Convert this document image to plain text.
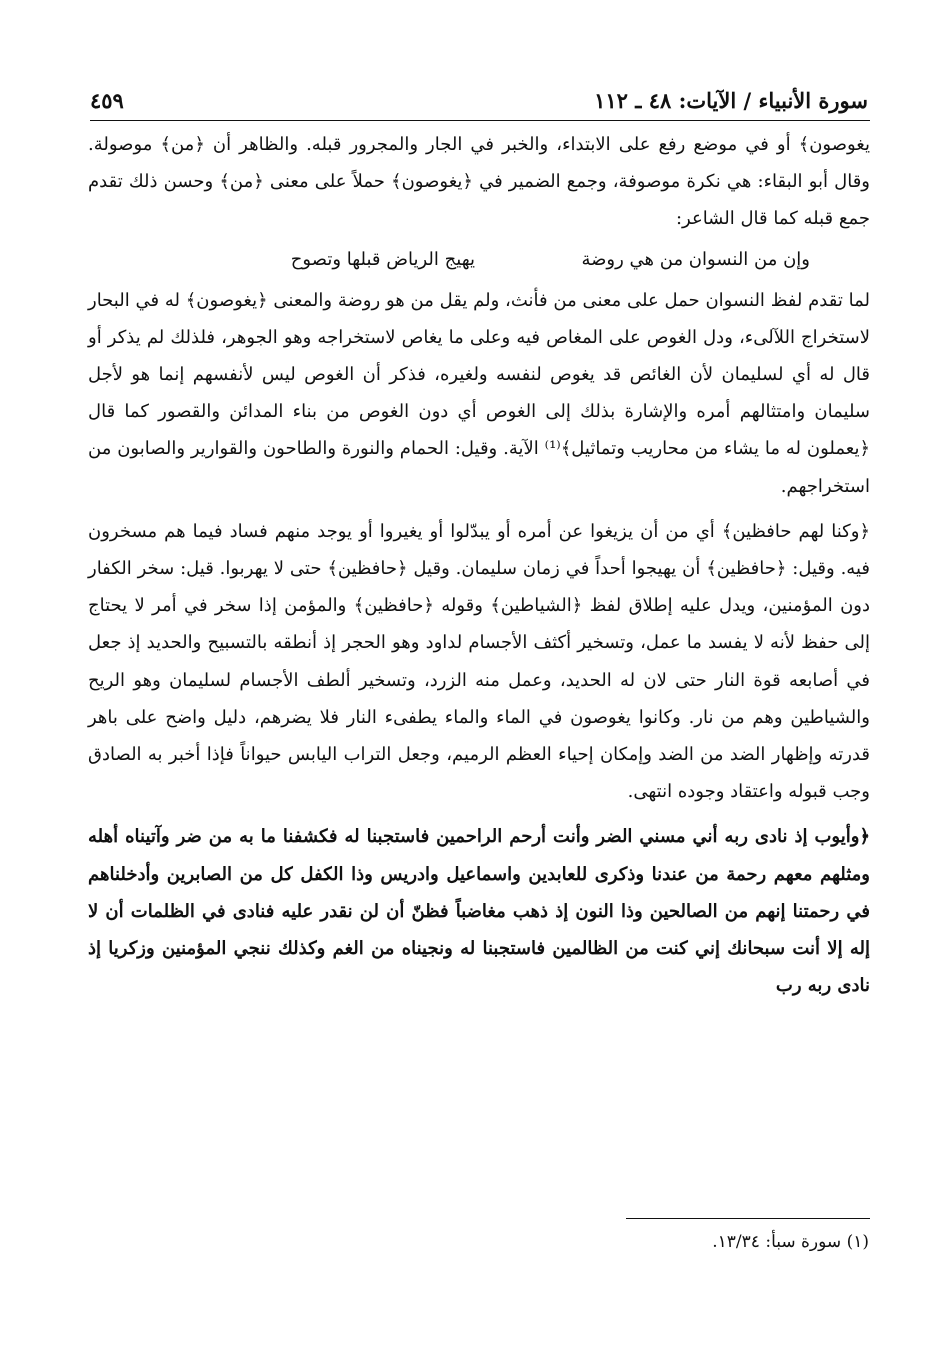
سورة الأنبياء / الآيات: ٤٨ ـ ١١٢
٤٥٩

يغوصون﴾ أو في موضع رفع على الابتداء، والخبر في الجار والمجرور قبله. والظاهر أن ﴿من﴾ موصولة. وقال أبو البقاء: هي نكرة موصوفة، وجمع الضمير في ﴿يغوصون﴾ حملاً على معنى ﴿من﴾ وحسن ذلك تقدم جمع قبله كما قال الشاعر:

وإن من النسوان من هي روضة
يهيج الرياض قبلها وتصوح

لما تقدم لفظ النسوان حمل على معنى من فأنث، ولم يقل من هو روضة والمعنى ﴿يغوصون﴾ له في البحار لاستخراج اللآلىء، ودل الغوص على المغاص فيه وعلى ما يغاص لاستخراجه وهو الجوهر، فلذلك لم يذكر أو قال له أي لسليمان لأن الغائص قد يغوص لنفسه ولغيره، فذكر أن الغوص ليس لأنفسهم إنما هو لأجل سليمان وامتثالهم أمره والإشارة بذلك إلى الغوص أي دون الغوص من بناء المدائن والقصور كما قال ﴿يعملون له ما يشاء من محاريب وتماثيل﴾⁽¹⁾ الآية. وقيل: الحمام والنورة والطاحون والقوارير والصابون من استخراجهم.

﴿وكنا لهم حافظين﴾ أي من أن يزيغوا عن أمره أو يبدّلوا أو يغيروا أو يوجد منهم فساد فيما هم مسخرون فيه. وقيل: ﴿حافظين﴾ أن يهيجوا أحداً في زمان سليمان. وقيل ﴿حافظين﴾ حتى لا يهربوا. قيل: سخر الكفار دون المؤمنين، ويدل عليه إطلاق لفظ ﴿الشياطين﴾ وقوله ﴿حافظين﴾ والمؤمن إذا سخر في أمر لا يحتاج إلى حفظ لأنه لا يفسد ما عمل، وتسخير أكثف الأجسام لداود وهو الحجر إذ أنطقه بالتسبيح والحديد إذ جعل في أصابعه قوة النار حتى لان له الحديد، وعمل منه الزرد، وتسخير ألطف الأجسام لسليمان وهو الريح والشياطين وهم من نار. وكانوا يغوصون في الماء والماء يطفىء النار فلا يضرهم، دليل واضح على باهر قدرته وإظهار الضد من الضد وإمكان إحياء العظم الرميم، وجعل التراب اليابس حيواناً فإذا أخبر به الصادق وجب قبوله واعتقاد وجوده انتهى.

﴿وأيوب إذ نادى ربه أني مسني الضر وأنت أرحم الراحمين فاستجبنا له فكشفنا ما به من ضر وآتيناه أهله ومثلهم معهم رحمة من عندنا وذكرى للعابدين واسماعيل وادريس وذا الكفل كل من الصابرين وأدخلناهم في رحمتنا إنهم من الصالحين وذا النون إذ ذهب مغاضباً فظنّ أن لن نقدر عليه فنادى في الظلمات أن لا إله إلا أنت سبحانك إني كنت من الظالمين فاستجبنا له ونجيناه من الغم وكذلك ننجي المؤمنين وزكريا إذ نادى ربه رب

(١) سورة سبأ: ١٣/٣٤.
